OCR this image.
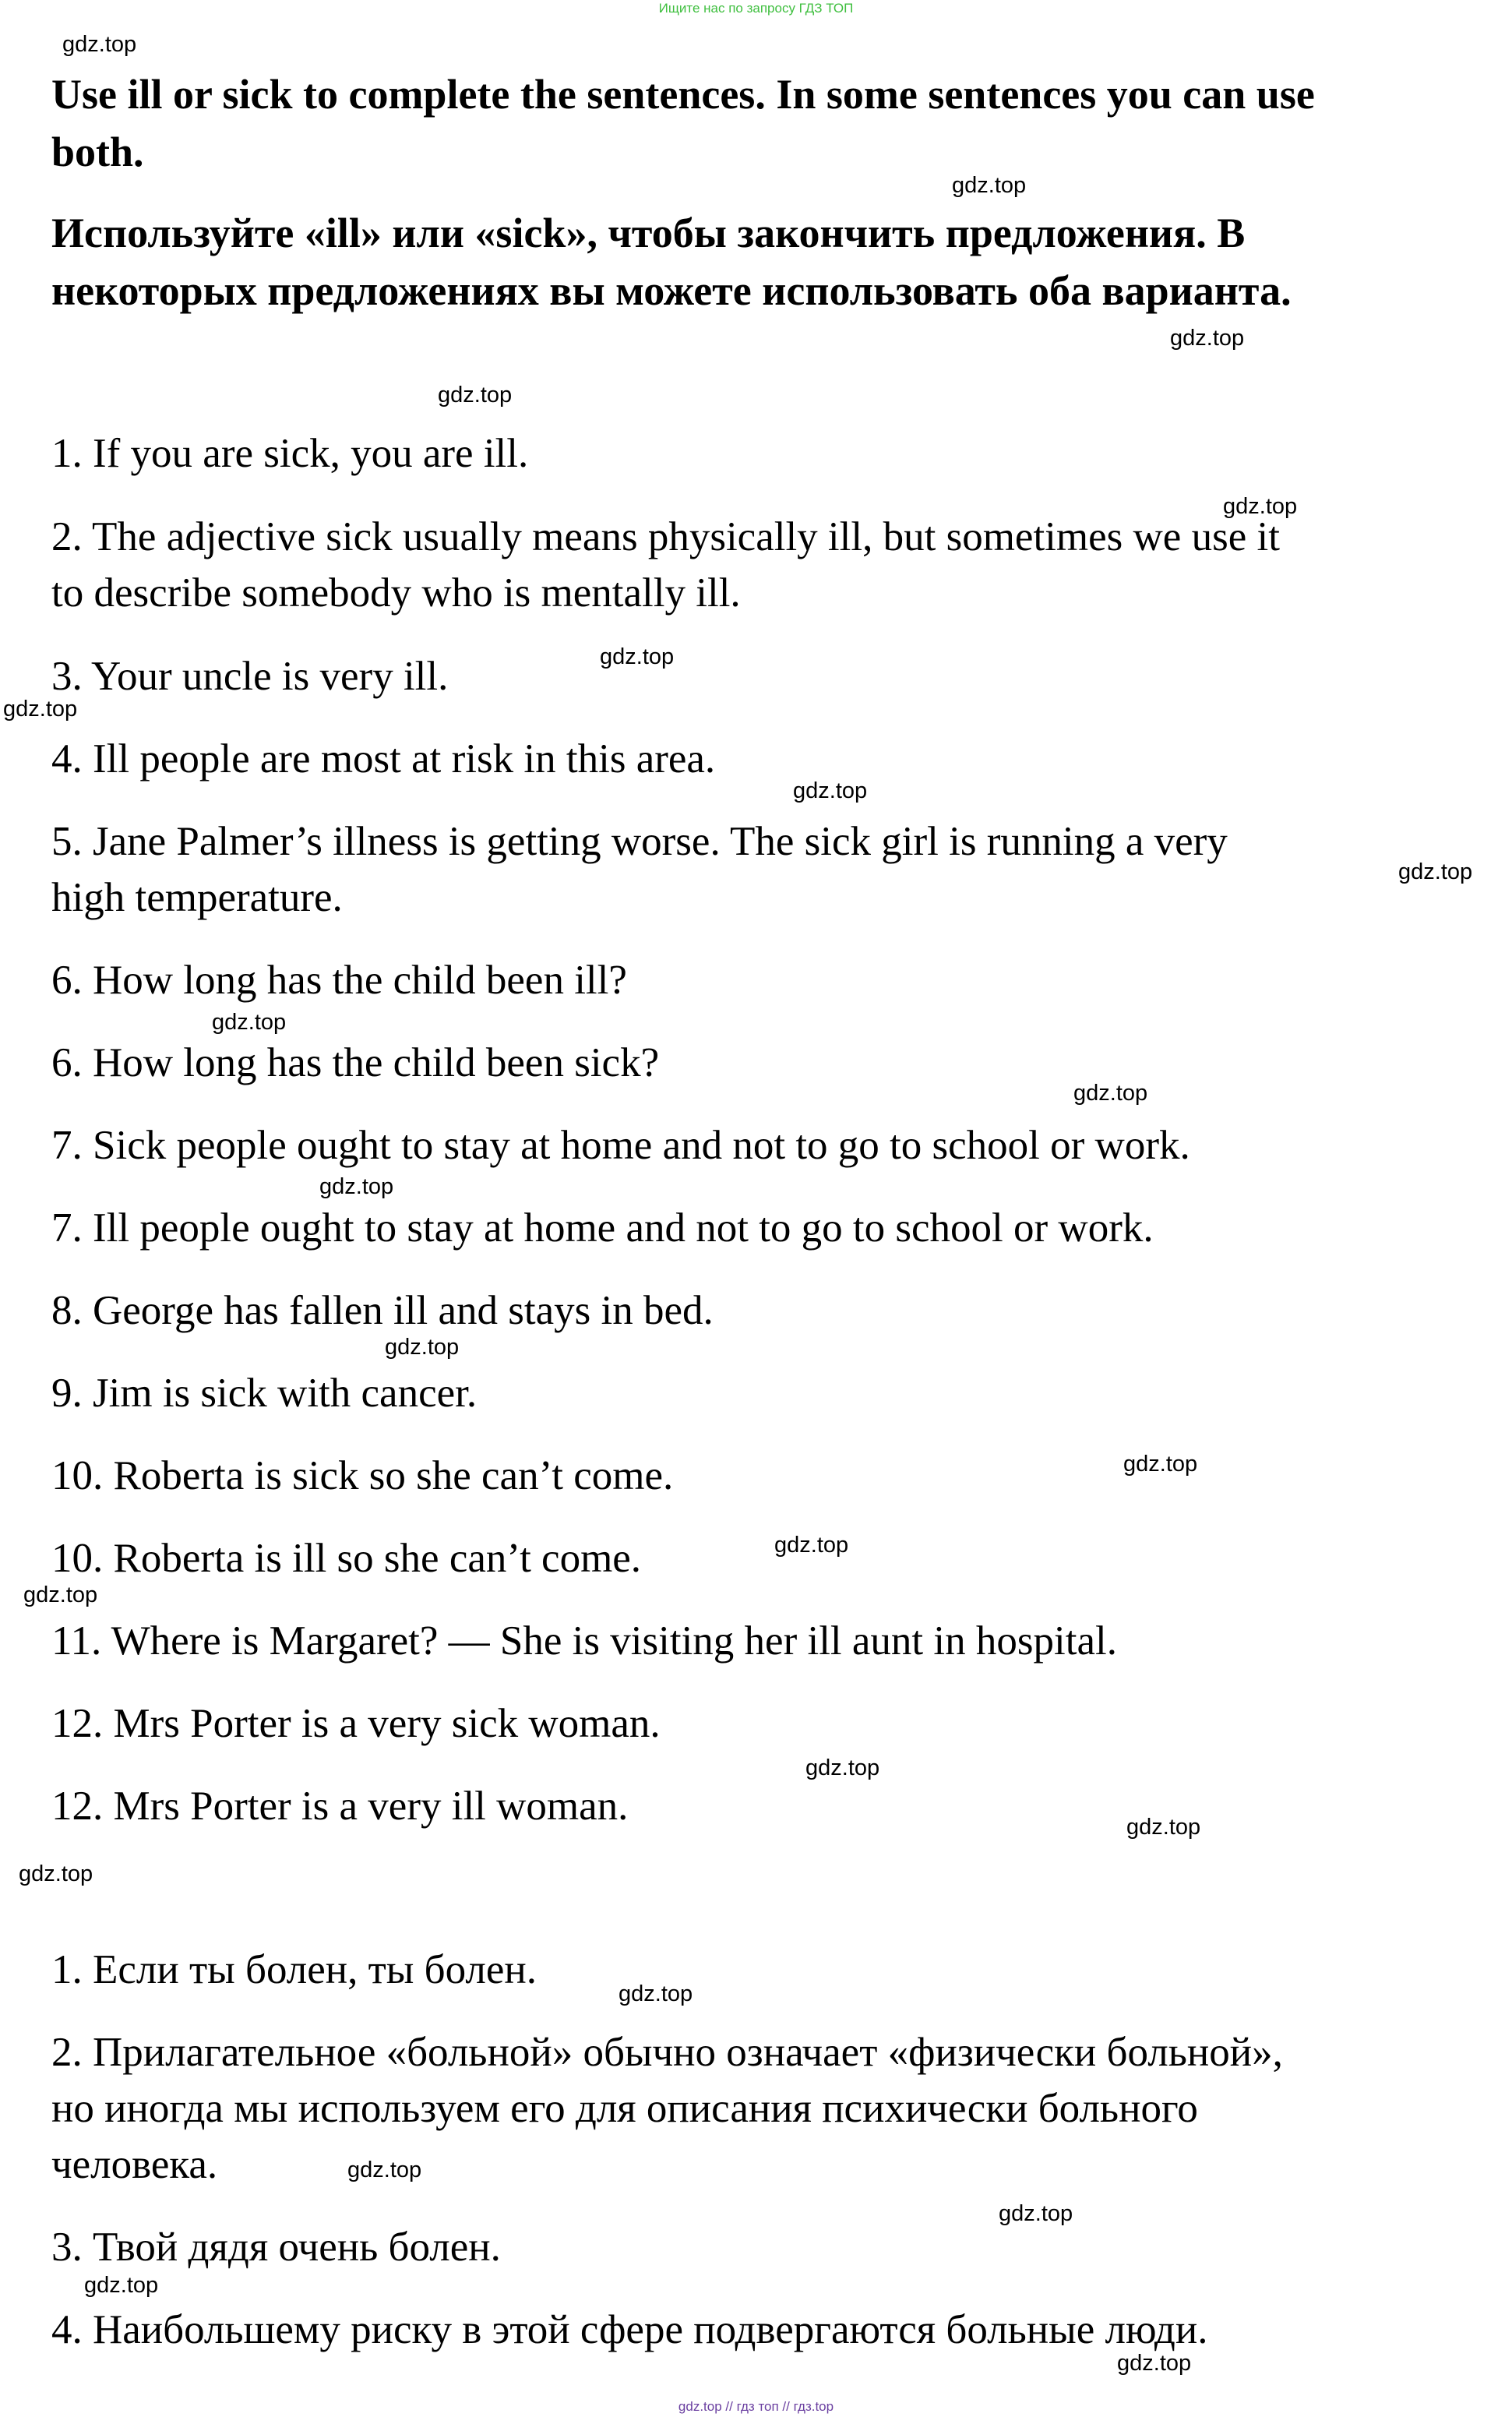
Ищите нас по запросу ГДЗ ТОП
Use ill or sick to complete the sentences. In some sentences you can use
both.
Используйте «ill» или «sick», чтобы закончить предложения. В
некоторых предложениях вы можете использовать оба варианта.
1. If you are sick, you are ill.
2. The adjective sick usually means physically ill, but sometimes we use it
to describe somebody who is mentally ill.
3. Your uncle is very ill.
4. Ill people are most at risk in this area.
5. Jane Palmer’s illness is getting worse. The sick girl is running a very
high temperature.
6. How long has the child been ill?
6. How long has the child been sick?
7. Sick people ought to stay at home and not to go to school or work.
7. Ill people ought to stay at home and not to go to school or work.
8. George has fallen ill and stays in bed.
9. Jim is sick with cancer.
10. Roberta is sick so she can’t come.
10. Roberta is ill so she can’t come.
11. Where is Margaret? — She is visiting her ill aunt in hospital.
12. Mrs Porter is a very sick woman.
12. Mrs Porter is a very ill woman.
1. Если ты болен, ты болен.
2. Прилагательное «больной» обычно означает «физически больной»,
но иногда мы используем его для описания психически больного
человека.
3. Твой дядя очень болен.
4. Наибольшему риску в этой сфере подвергаются больные люди.
gdz.top
gdz.top
gdz.top
gdz.top
gdz.top
gdz.top
gdz.top
gdz.top
gdz.top
gdz.top
gdz.top
gdz.top
gdz.top
gdz.top
gdz.top
gdz.top
gdz.top
gdz.top
gdz.top
gdz.top
gdz.top
gdz.top
gdz.top
gdz.top
gdz.top // гдз топ // гдз.top
